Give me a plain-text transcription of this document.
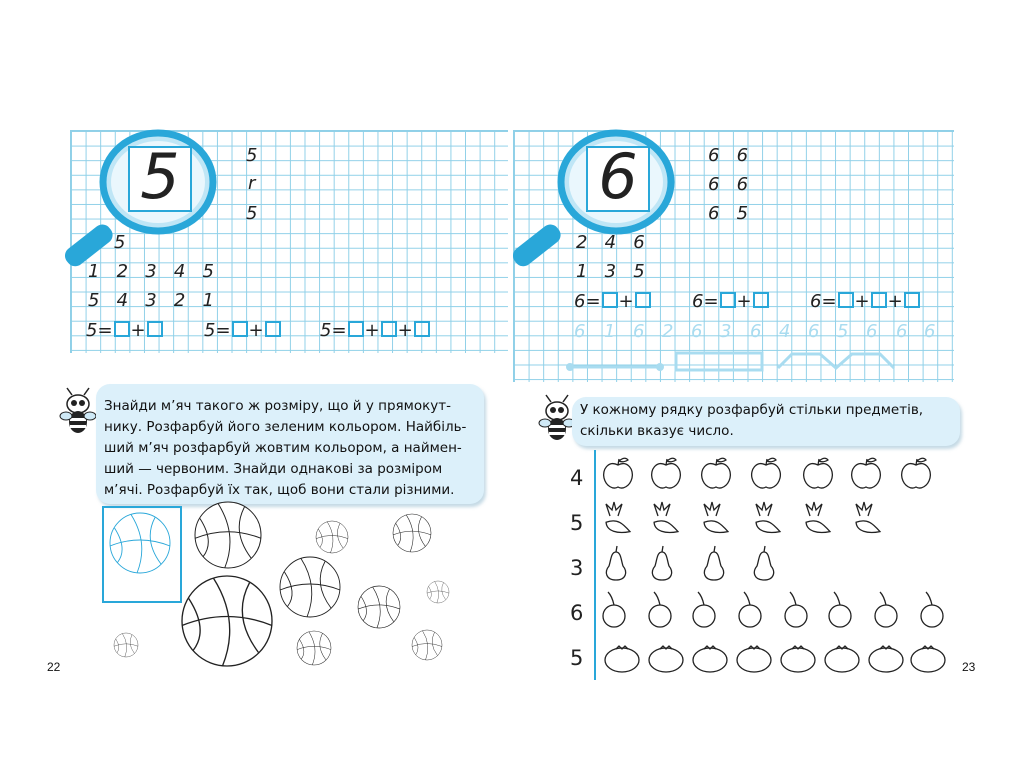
5	5
r
5
5
1   2   3   4   5
5   4   3   2   1
5= +	5= +	5= + +
Знайди м’яч такого ж розміру, що й у прямокут-
нику. Розфарбуй його зеленим кольором. Найбіль-
ший м’яч розфарбуй жовтим кольором, а наймен-
ший — червоним. Знайди однакові за розміром
м’ячі. Розфарбуй їх так, щоб вони стали різними.
22
6	6   6
6   6
6   5
2   4   6
1   3   5
6= +	6= +	6= + +
6 1 6 2 6 3 6 4 6 5 6 6 6
У кожному рядку розфарбуй стільки предметів,
скільки вказує число.
4
5
3
6
5	23
